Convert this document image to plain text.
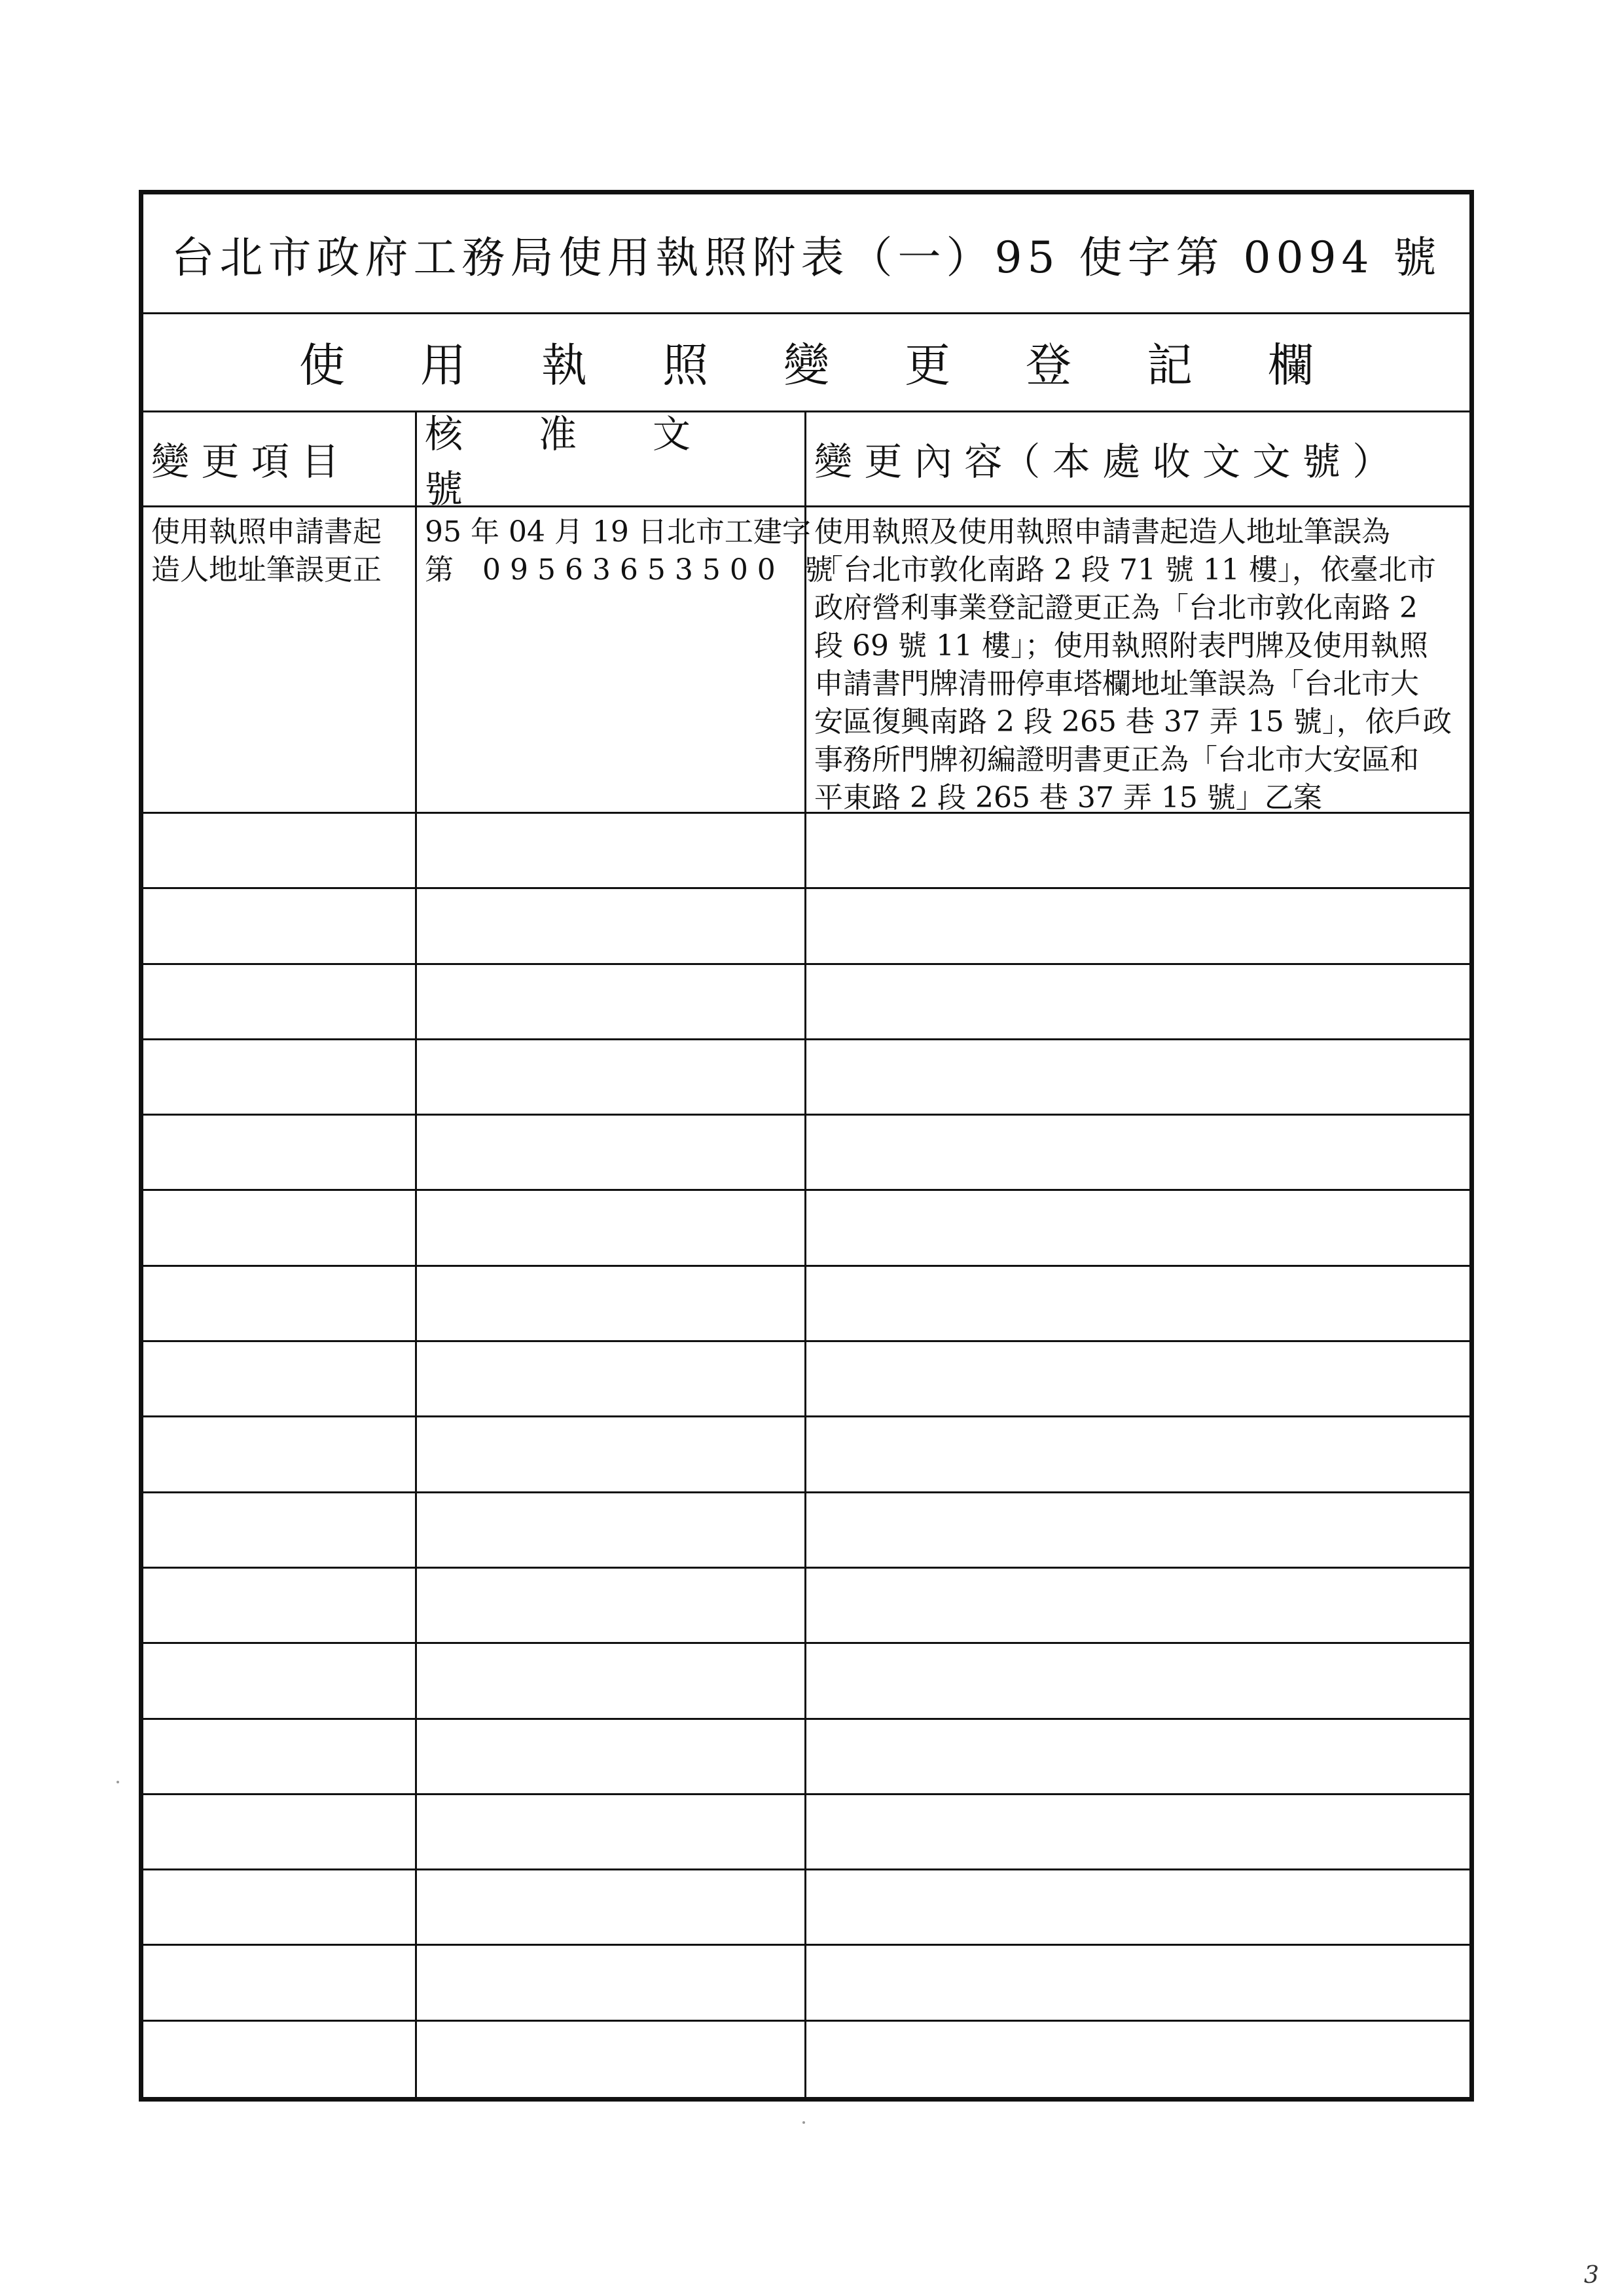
台北市政府工務局使用執照附表（一）95 使字第 0094 號
使 用 執 照 變 更 登 記 欄
變 更 項 目
核　　准　　文　　號
變 更 內 容（ 本 處 收 文 文 號 ）
使用執照申請書起
造人地址筆誤更正
95 年 04 月 19 日北市工建字
第　0 9 5 6 3 6 5 3 5 0 0　號
使用執照及使用執照申請書起造人地址筆誤為
「台北市敦化南路 2 段 71 號 11 樓」，依臺北市
政府營利事業登記證更正為「台北市敦化南路 2
段 69 號 11 樓」；使用執照附表門牌及使用執照
申請書門牌清冊停車塔欄地址筆誤為「台北市大
安區復興南路 2 段 265 巷 37 弄 15 號」，依戶政
事務所門牌初編證明書更正為「台北市大安區和
平東路 2 段 265 巷 37 弄 15 號」乙案
3
